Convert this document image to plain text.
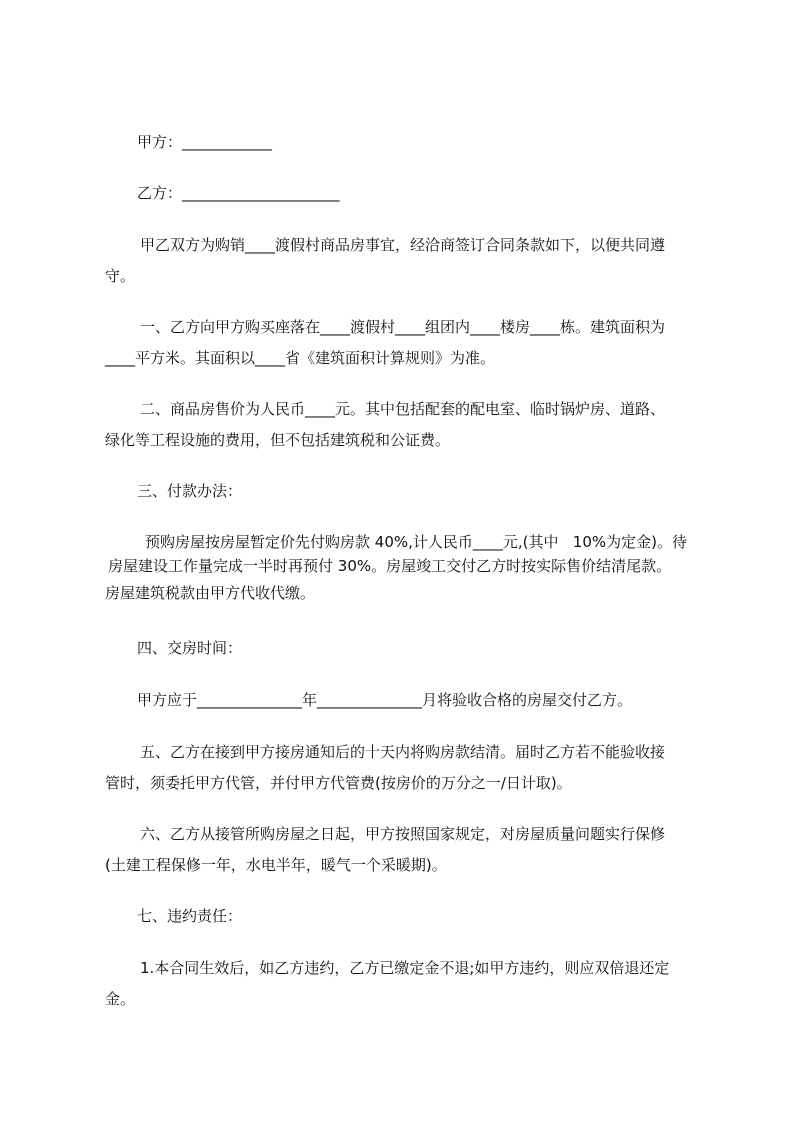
甲方：____________
乙方：_____________________
甲乙双方为购销____渡假村商品房事宜，经洽商签订合同条款如下，以便共同遵
守。
一、乙方向甲方购买座落在____渡假村____组团内____楼房____栋。建筑面积为
____平方米。其面积以____省《建筑面积计算规则》为准。
二、商品房售价为人民币____元。其中包括配套的配电室、临时锅炉房、道路、
绿化等工程设施的费用，但不包括建筑税和公证费。
三、付款办法：
预购房屋按房屋暂定价先付购房款 40%,计人民币____元,(其中   10%为定金)。待
房屋建设工作量完成一半时再预付 30%。房屋竣工交付乙方时按实际售价结清尾款。
房屋建筑税款由甲方代收代缴。
四、交房时间：
甲方应于______________年______________月将验收合格的房屋交付乙方。
五、乙方在接到甲方接房通知后的十天内将购房款结清。届时乙方若不能验收接
管时，须委托甲方代管，并付甲方代管费(按房价的万分之一/日计取)。
六、乙方从接管所购房屋之日起，甲方按照国家规定，对房屋质量问题实行保修
(土建工程保修一年，水电半年，暖气一个采暖期)。
七、违约责任：
1.本合同生效后，如乙方违约，乙方已缴定金不退;如甲方违约，则应双倍退还定
金。
